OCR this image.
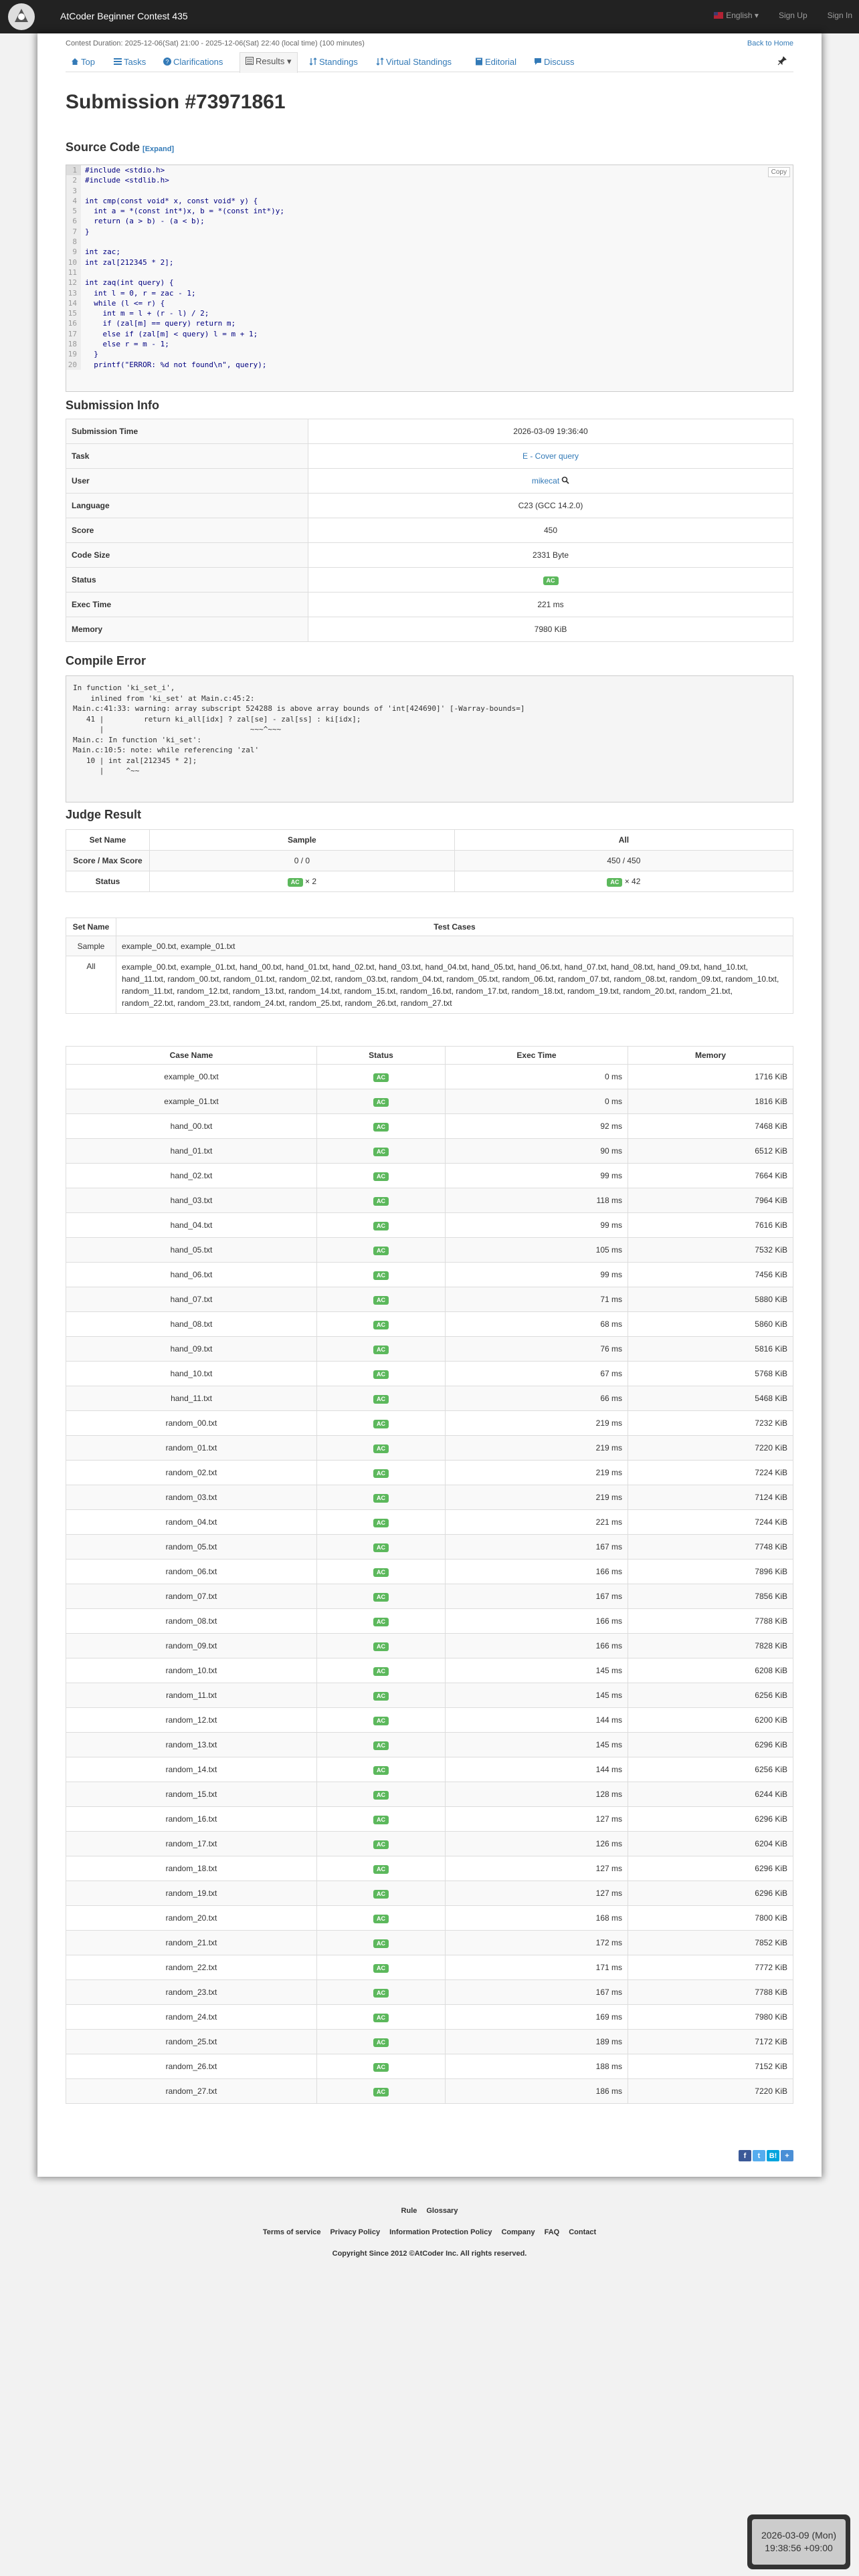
AtCoder Beginner Contest 435	English ▾	Sign Up	Sign In
Contest Duration: 2025-12-06(Sat) 21:00 - 2025-12-06(Sat) 22:40 (local time) (100 minutes)	Back to Home
Top	Tasks	? Clarifications	Results ▾	Standings	Virtual Standings	Editorial	Discuss
Submission #73971861
Source Code [Expand]
Copy
1	#include <stdio.h>
2	#include <stdlib.h>
3
4	int cmp(const void* x, const void* y) {
5	int a = *(const int*)x, b = *(const int*)y;
6	return (a > b) - (a < b);
7	}
8
9	int zac;
10	int zal[212345 * 2];
11
12	int zaq(int query) {
13	int l = 0, r = zac - 1;
14	while (l <= r) {
15	int m = l + (r - l) / 2;
16	if (zal[m] == query) return m;
17	else if (zal[m] < query) l = m + 1;
18	else r = m - 1;
19	}
20	printf("ERROR: %d not found\n", query);
Submission Info
Submission Time	2026-03-09 19:36:40
Task	E - Cover query
User	mikecat
Language	C23 (GCC 14.2.0)
Score	450
Code Size	2331 Byte
Status	AC
Exec Time	221 ms
Memory	7980 KiB
Compile Error
In function 'ki_set_i',
inlined from 'ki_set' at Main.c:45:2:
Main.c:41:33: warning: array subscript 524288 is above array bounds of 'int[424690]' [-Warray-bounds=]
41 |         return ki_all[idx] ? zal[se] - zal[ss] : ki[idx];
|                                 ~~~^~~~
Main.c: In function 'ki_set':
Main.c:10:5: note: while referencing 'zal'
10 | int zal[212345 * 2];
|     ^~~
Judge Result
Set Name	Sample	All
Score / Max Score	0 / 0	450 / 450
Status	AC × 2	AC × 42
Set Name	Test Cases
Sample	example_00.txt, example_01.txt
All	example_00.txt, example_01.txt, hand_00.txt, hand_01.txt, hand_02.txt, hand_03.txt, hand_04.txt, hand_05.txt, hand_06.txt, hand_07.txt, hand_08.txt, hand_09.txt, hand_10.txt, hand_11.txt, random_00.txt, random_01.txt, random_02.txt, random_03.txt, random_04.txt, random_05.txt, random_06.txt, random_07.txt, random_08.txt, random_09.txt, random_10.txt, random_11.txt, random_12.txt, random_13.txt, random_14.txt, random_15.txt, random_16.txt, random_17.txt, random_18.txt, random_19.txt, random_20.txt, random_21.txt, random_22.txt, random_23.txt, random_24.txt, random_25.txt, random_26.txt, random_27.txt
Case Name	Status	Exec Time	Memory
example_00.txt	AC	0 ms	1716 KiB
example_01.txt	AC	0 ms	1816 KiB
hand_00.txt	AC	92 ms	7468 KiB
hand_01.txt	AC	90 ms	6512 KiB
hand_02.txt	AC	99 ms	7664 KiB
hand_03.txt	AC	118 ms	7964 KiB
hand_04.txt	AC	99 ms	7616 KiB
hand_05.txt	AC	105 ms	7532 KiB
hand_06.txt	AC	99 ms	7456 KiB
hand_07.txt	AC	71 ms	5880 KiB
hand_08.txt	AC	68 ms	5860 KiB
hand_09.txt	AC	76 ms	5816 KiB
hand_10.txt	AC	67 ms	5768 KiB
hand_11.txt	AC	66 ms	5468 KiB
random_00.txt	AC	219 ms	7232 KiB
random_01.txt	AC	219 ms	7220 KiB
random_02.txt	AC	219 ms	7224 KiB
random_03.txt	AC	219 ms	7124 KiB
random_04.txt	AC	221 ms	7244 KiB
random_05.txt	AC	167 ms	7748 KiB
random_06.txt	AC	166 ms	7896 KiB
random_07.txt	AC	167 ms	7856 KiB
random_08.txt	AC	166 ms	7788 KiB
random_09.txt	AC	166 ms	7828 KiB
random_10.txt	AC	145 ms	6208 KiB
random_11.txt	AC	145 ms	6256 KiB
random_12.txt	AC	144 ms	6200 KiB
random_13.txt	AC	145 ms	6296 KiB
random_14.txt	AC	144 ms	6256 KiB
random_15.txt	AC	128 ms	6244 KiB
random_16.txt	AC	127 ms	6296 KiB
random_17.txt	AC	126 ms	6204 KiB
random_18.txt	AC	127 ms	6296 KiB
random_19.txt	AC	127 ms	6296 KiB
random_20.txt	AC	168 ms	7800 KiB
random_21.txt	AC	172 ms	7852 KiB
random_22.txt	AC	171 ms	7772 KiB
random_23.txt	AC	167 ms	7788 KiB
random_24.txt	AC	169 ms	7980 KiB
random_25.txt	AC	189 ms	7172 KiB
random_26.txt	AC	188 ms	7152 KiB
random_27.txt	AC	186 ms	7220 KiB
f	t	B!	+
Rule Glossary
Terms of service Privacy Policy Information Protection Policy Company FAQ Contact
Copyright Since 2012 ©AtCoder Inc. All rights reserved.
2026-03-09 (Mon)
19:38:56 +09:00
